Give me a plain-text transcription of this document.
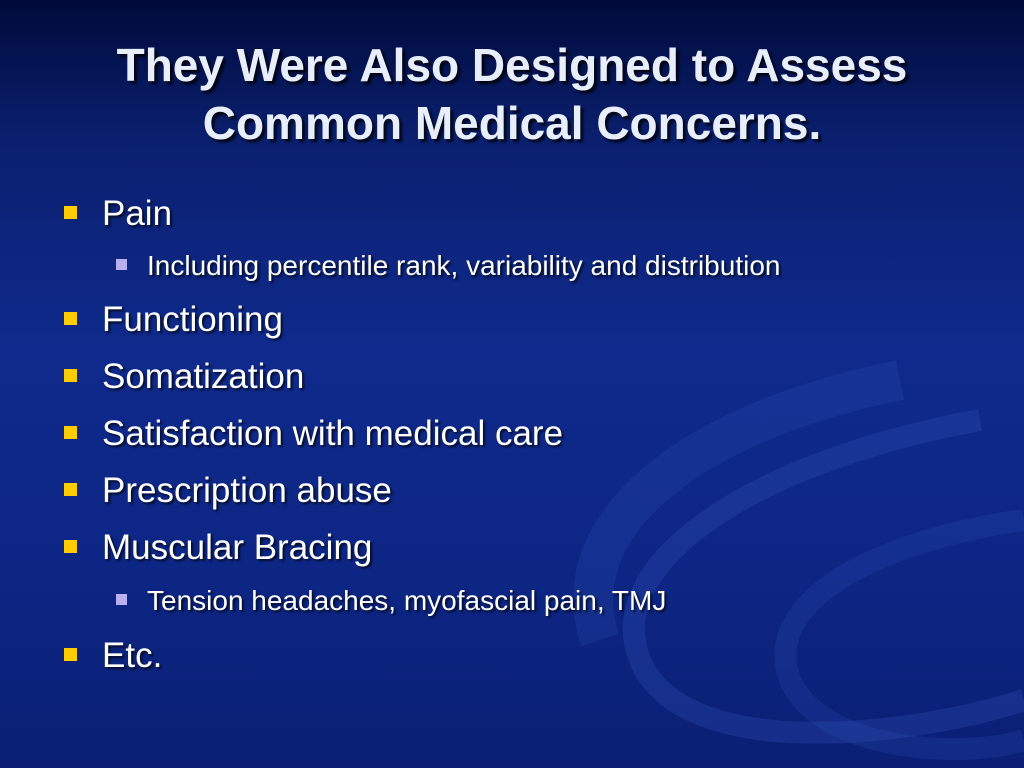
They Were Also Designed to Assess
Common Medical Concerns.
Pain
Including percentile rank, variability and distribution
Functioning
Somatization
Satisfaction with medical care
Prescription abuse
Muscular Bracing
Tension headaches, myofascial pain, TMJ
Etc.
